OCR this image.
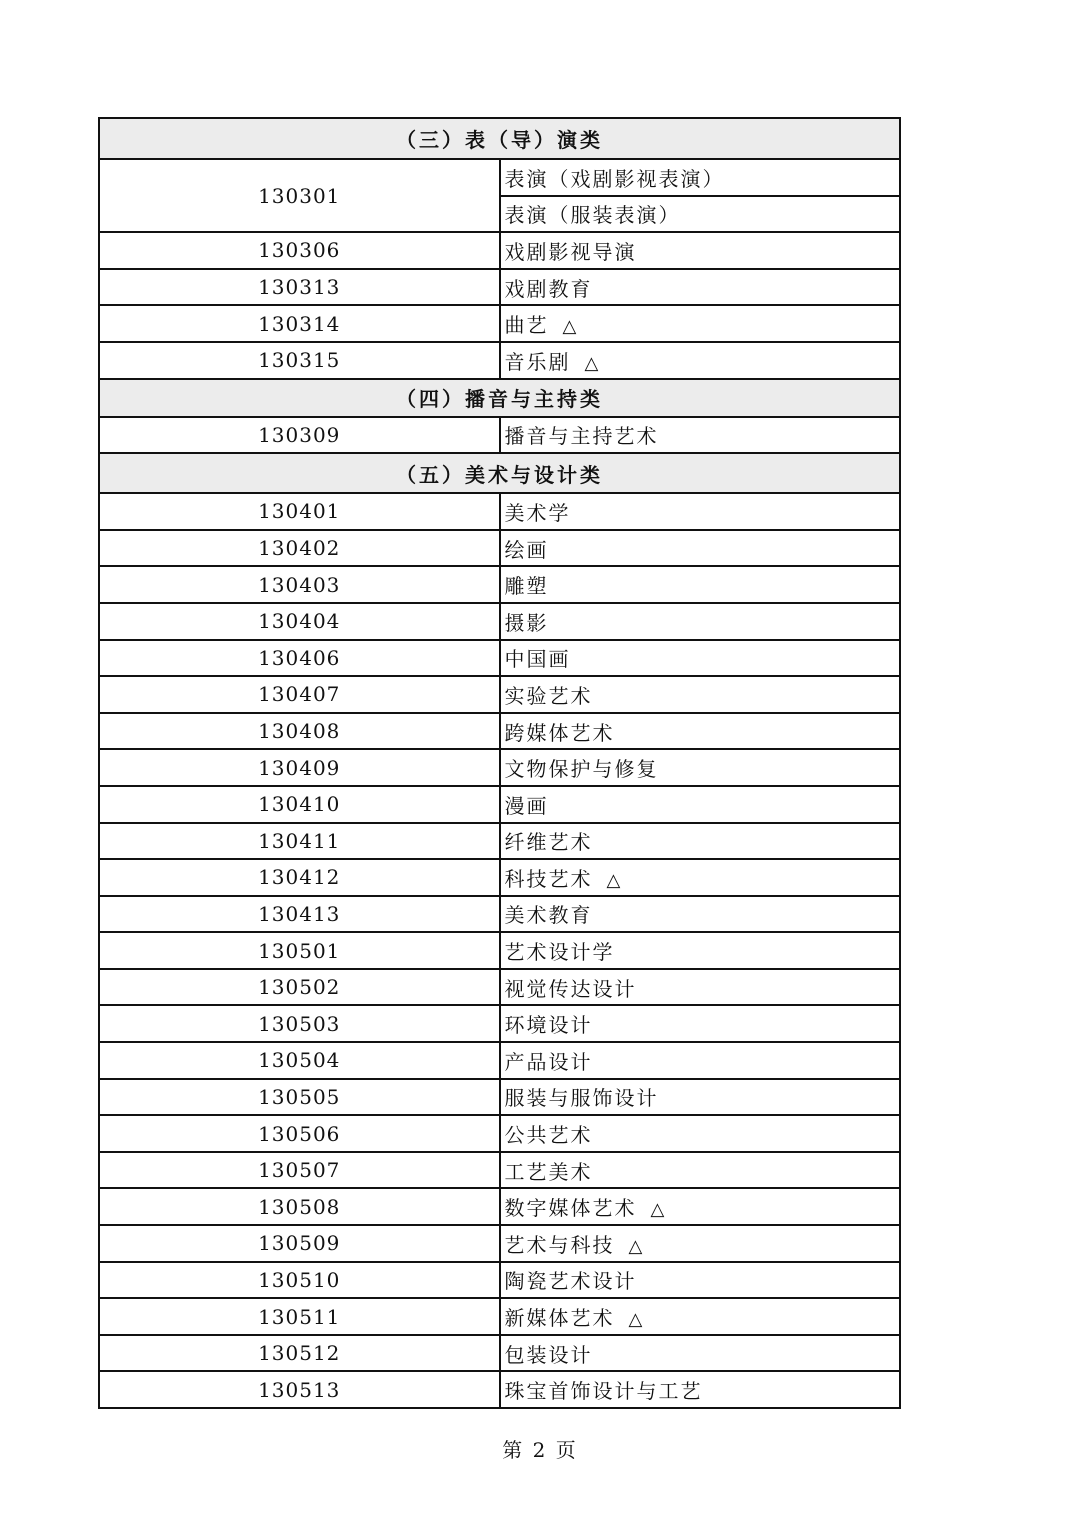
（三）表（导）演类	
130301	表演（戏剧影视表演）
	表演（服装表演）
130306	戏剧影视导演
130313	戏剧教育
130314	曲艺 △
130315	音乐剧 △
（四）播音与主持类	
130309	播音与主持艺术
（五）美术与设计类	
130401	美术学
130402	绘画
130403	雕塑
130404	摄影
130406	中国画
130407	实验艺术
130408	跨媒体艺术
130409	文物保护与修复
130410	漫画
130411	纤维艺术
130412	科技艺术 △
130413	美术教育
130501	艺术设计学
130502	视觉传达设计
130503	环境设计
130504	产品设计
130505	服装与服饰设计
130506	公共艺术
130507	工艺美术
130508	数字媒体艺术 △
130509	艺术与科技 △
130510	陶瓷艺术设计
130511	新媒体艺术 △
130512	包装设计
130513	珠宝首饰设计与工艺
第 2 页
